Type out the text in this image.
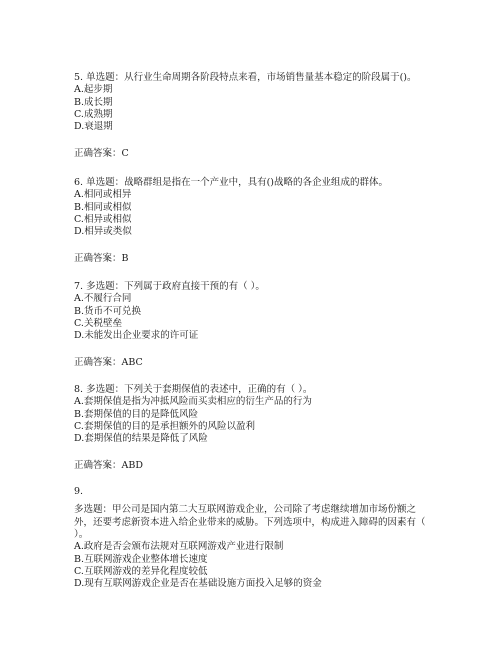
5. 单选题：从行业生命周期各阶段特点来看，市场销售量基本稳定的阶段属于()。
A.起步期
B.成长期
C.成熟期
D.衰退期
正确答案：C
6. 单选题：战略群组是指在一个产业中，具有()战略的各企业组成的群体。
A.相同或相异
B.相同或相似
C.相异或相似
D.相异或类似
正确答案：B
7. 多选题：下列属于政府直接干预的有（ ）。
A.不履行合同
B.货币不可兑换
C.关税壁垒
D.未能发出企业要求的许可证
正确答案：ABC
8. 多选题：下列关于套期保值的表述中，正确的有（ ）。
A.套期保值是指为冲抵风险而买卖相应的衍生产品的行为
B.套期保值的目的是降低风险
C.套期保值的目的是承担额外的风险以盈利
D.套期保值的结果是降低了风险
正确答案：ABD
9.
多选题：甲公司是国内第二大互联网游戏企业，公司除了考虑继续增加市场份额之外，还要考虑新资本进入给企业带来的威胁。下列选项中，构成进入障碍的因素有（ ）。
A.政府是否会颁布法规对互联网游戏产业进行限制
B.互联网游戏企业整体增长速度
C.互联网游戏的差异化程度较低
D.现有互联网游戏企业是否在基础设施方面投入足够的资金
